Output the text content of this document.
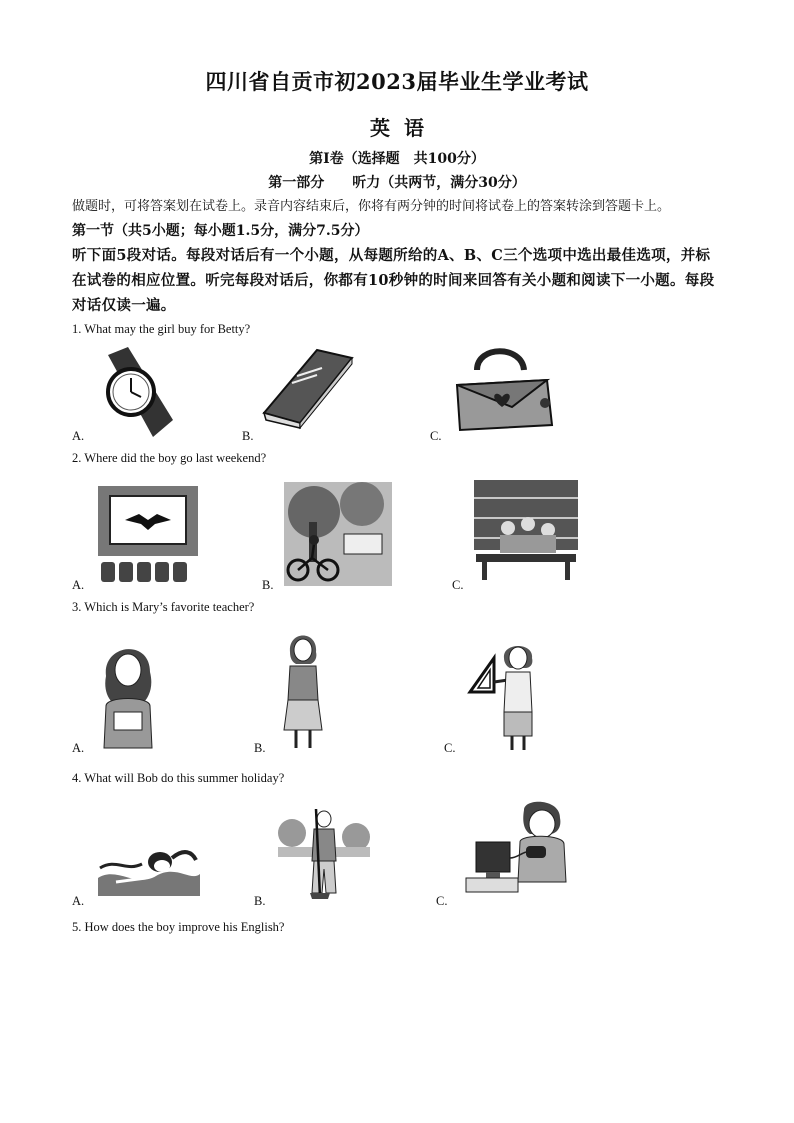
四川省自贡市初2023届毕业生学业考试
英语
第Ⅰ卷（选择题　共100分）
第一部分　　听力（共两节，满分30分）
做题时，可将答案划在试卷上。录音内容结束后，你将有两分钟的时间将试卷上的答案转涂到答题卡上。
第一节（共5小题；每小题1.5分，满分7.5分）
听下面5段对话。每段对话后有一个小题，从每题所给的A、B、C三个选项中选出最佳选项，并标在试卷的相应位置。听完每段对话后，你都有10秒钟的时间来回答有关小题和阅读下一小题。每段对话仅读一遍。
1. What may the girl buy for Betty?
A.	B.	C.
2. Where did the boy go last weekend?
A.	B.	C.
3. Which is Mary’s favorite teacher?
A.	B.	C.
4. What will Bob do this summer holiday?
A.	B.	C.
5. How does the boy improve his English?
